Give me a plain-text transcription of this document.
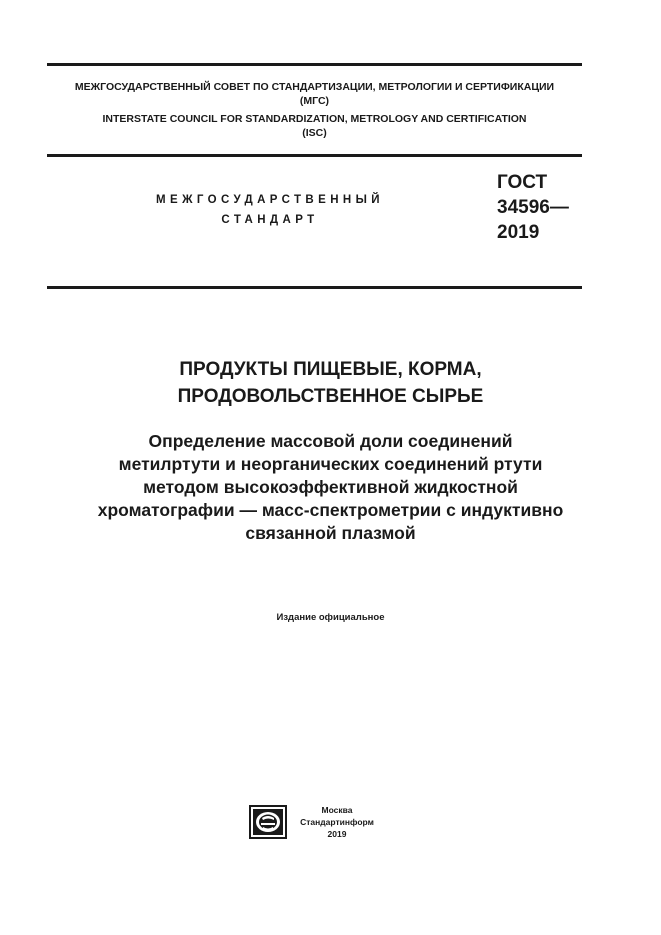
МЕЖГОСУДАРСТВЕННЫЙ СОВЕТ ПО СТАНДАРТИЗАЦИИ, МЕТРОЛОГИИ И СЕРТИФИКАЦИИ
(МГС)
INTERSTATE COUNCIL FOR STANDARDIZATION, METROLOGY AND CERTIFICATION
(ISC)
МЕЖГОСУДАРСТВЕННЫЙ
СТАНДАРТ
ГОСТ
34596—
2019
ПРОДУКТЫ ПИЩЕВЫЕ, КОРМА,
ПРОДОВОЛЬСТВЕННОЕ СЫРЬЕ
Определение массовой доли соединений
метилртути и неорганических соединений ртути
методом высокоэффективной жидкостной
хроматографии — масс-спектрометрии с индуктивно
связанной плазмой
Издание официальное
Москва
Стандартинформ
2019
